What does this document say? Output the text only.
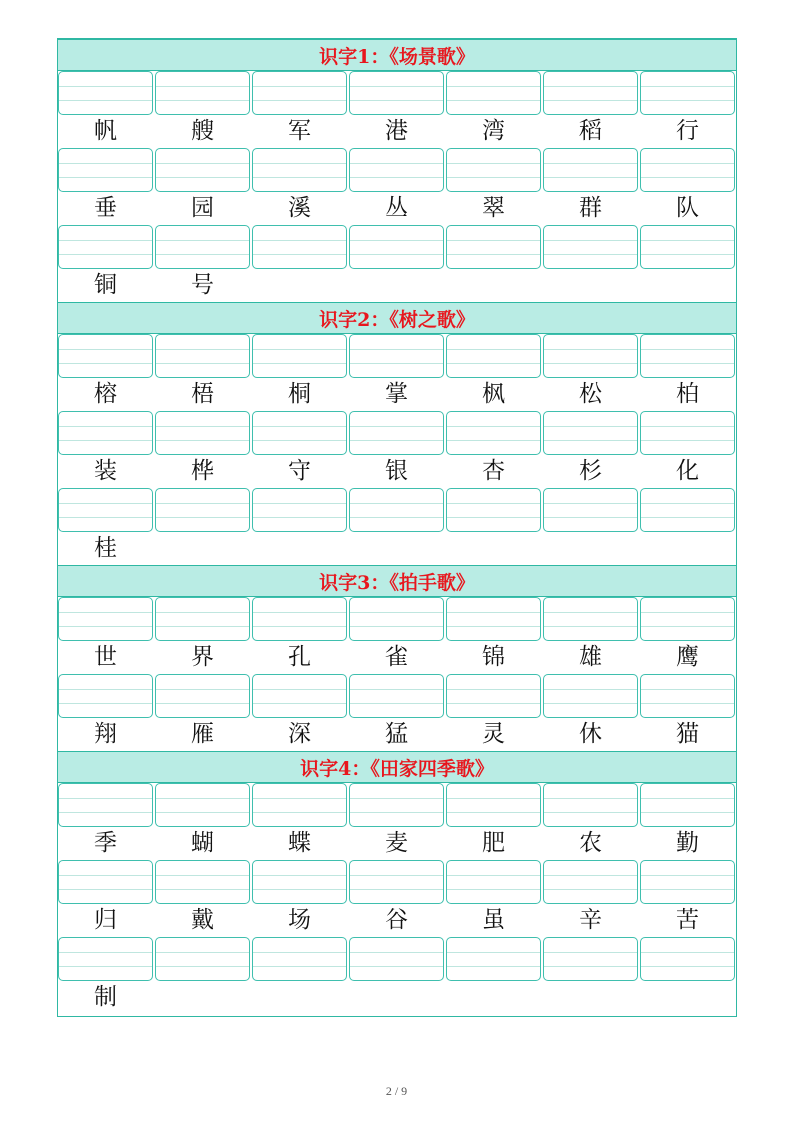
识字1：《场景歌》
帆	艘	军	港	湾	稻	行
垂	园	溪	丛	翠	群	队
铜	号
识字2：《树之歌》
榕	梧	桐	掌	枫	松	柏
装	桦	守	银	杏	杉	化
桂
识字3：《拍手歌》
世	界	孔	雀	锦	雄	鹰
翔	雁	深	猛	灵	休	猫
识字4：《田家四季歌》
季	蝴	蝶	麦	肥	农	勤
归	戴	场	谷	虽	辛	苦
制
2 / 9
